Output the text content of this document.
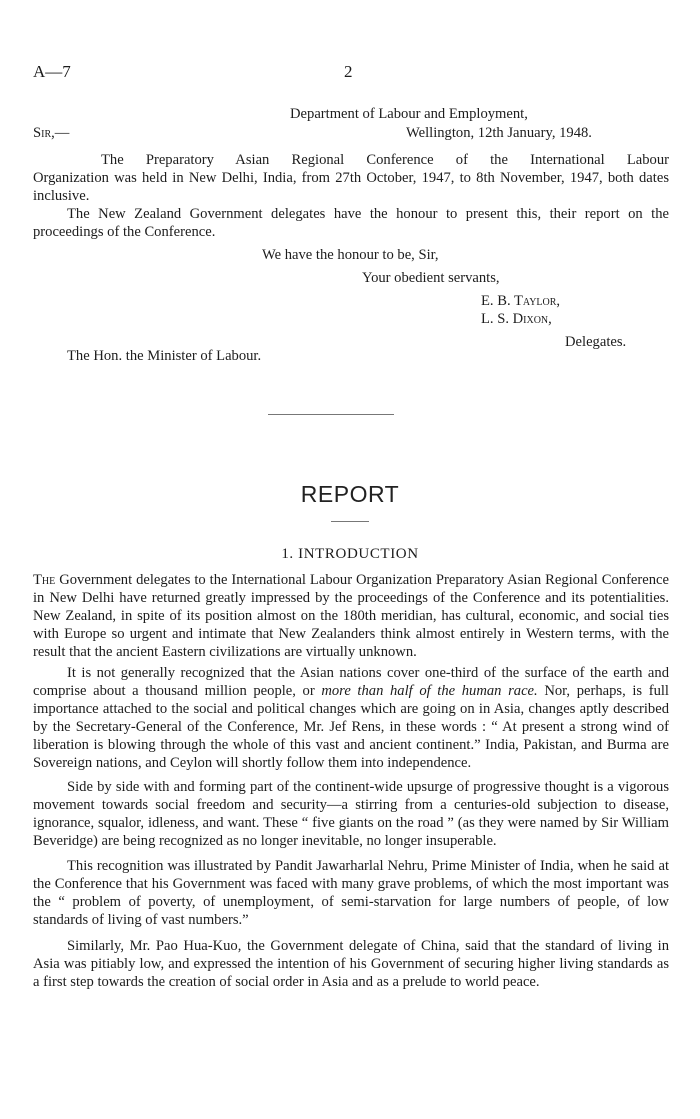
A—7	2
Department of Labour and Employment,
Sir,—	Wellington, 12th January, 1948.
The Preparatory Asian Regional Conference of the International Labour
Organization was held in New Delhi, India, from 27th October, 1947, to 8th November, 1947, both dates inclusive.
The New Zealand Government delegates have the honour to present this, their report on the proceedings of the Conference.
We have the honour to be, Sir,
Your obedient servants,
E. B. Taylor,
L. S. Dixon,
Delegates.
The Hon. the Minister of Labour.
REPORT
1. INTRODUCTION
The Government delegates to the International Labour Organization Preparatory Asian Regional Conference in New Delhi have returned greatly impressed by the proceedings of the Conference and its potentialities. New Zealand, in spite of its position almost on the 180th meridian, has cultural, economic, and social ties with Europe so urgent and intimate that New Zealanders think almost entirely in Western terms, with the result that the ancient Eastern civilizations are virtually unknown.
It is not generally recognized that the Asian nations cover one-third of the surface of the earth and comprise about a thousand million people, or more than half of the human race. Nor, perhaps, is full importance attached to the social and political changes which are going on in Asia, changes aptly described by the Secretary-General of the Conference, Mr. Jef Rens, in these words : “ At present a strong wind of liberation is blowing through the whole of this vast and ancient continent.” India, Pakistan, and Burma are Sovereign nations, and Ceylon will shortly follow them into independence.
Side by side with and forming part of the continent-wide upsurge of progressive thought is a vigorous movement towards social freedom and security—a stirring from a centuries-old subjection to disease, ignorance, squalor, idleness, and want. These “ five giants on the road ” (as they were named by Sir William Beveridge) are being recognized as no longer inevitable, no longer insuperable.
This recognition was illustrated by Pandit Jawarharlal Nehru, Prime Minister of India, when he said at the Conference that his Government was faced with many grave problems, of which the most important was the “ problem of poverty, of unemployment, of semi-starvation for large numbers of people, of low standards of living of vast numbers.”
Similarly, Mr. Pao Hua-Kuo, the Government delegate of China, said that the standard of living in Asia was pitiably low, and expressed the intention of his Government of securing higher living standards as a first step towards the creation of social order in Asia and as a prelude to world peace.
